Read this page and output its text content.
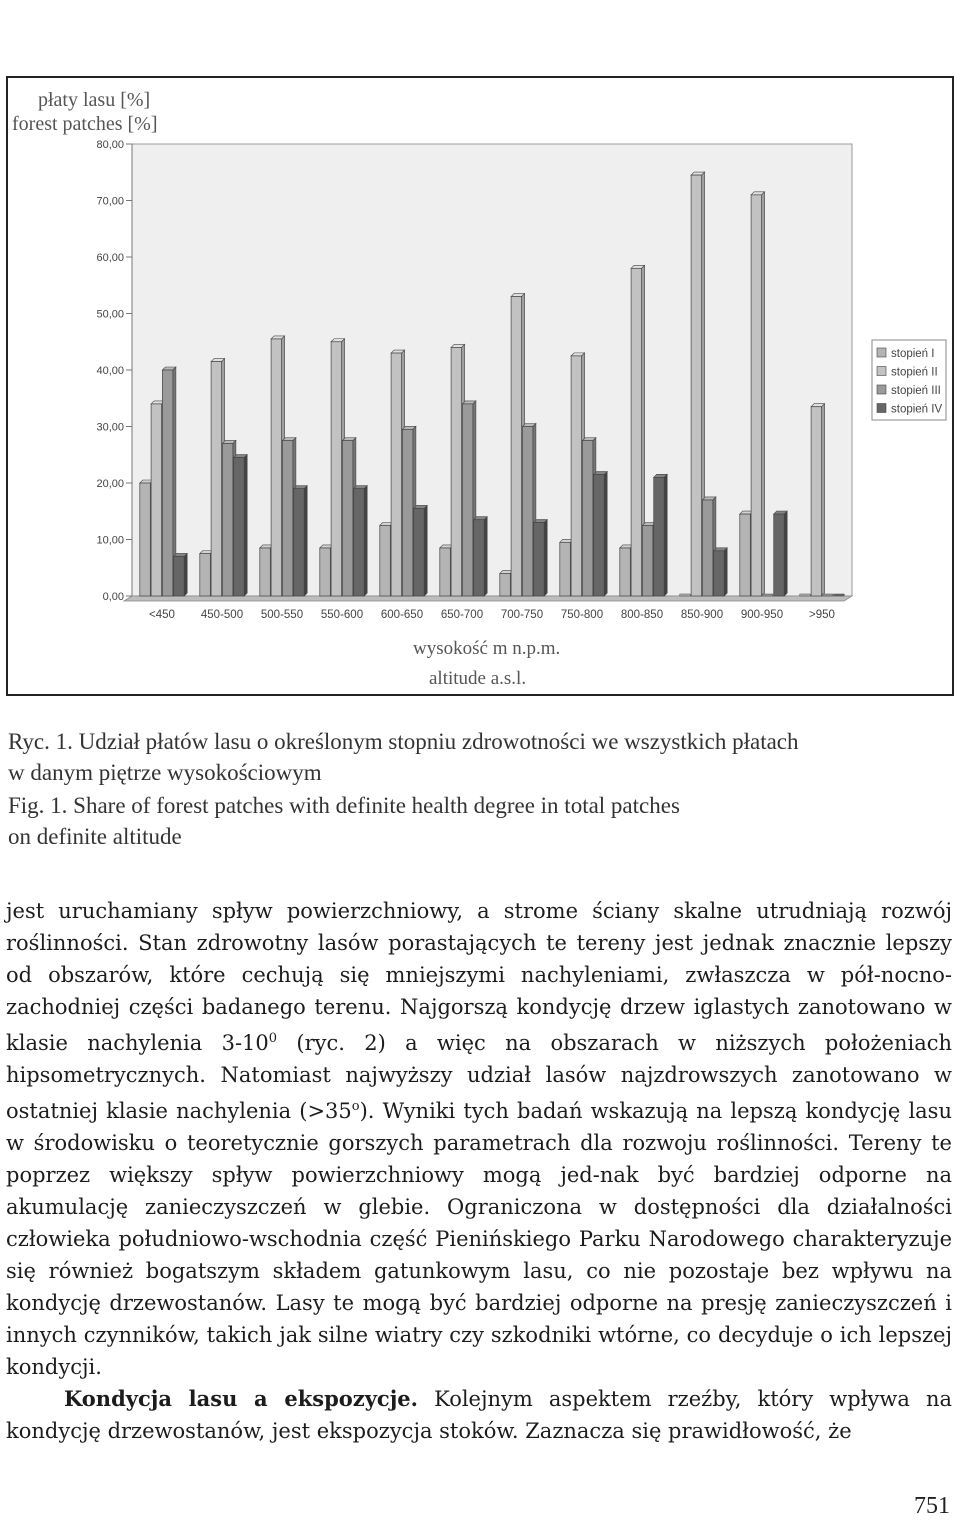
0,00
10,00
20,00
30,00
40,00
50,00
60,00
70,00
80,00
<450 450-500 500-550 550-600 600-650 650-700 700-750 750-800 800-850 850-900 900-950 >950
stopień I
stopień II
stopień III
stopień IV
płaty lasu [%]
forest patches [%]
wysokość m n.p.m.
altitude a.s.l.
Ryc. 1. Udział płatów lasu o określonym stopniu zdrowotności we wszystkich płatach
w danym piętrze wysokościowym
Fig. 1. Share of forest patches with definite health degree in total patches
on definite altitude

jest uruchamiany spływ powierzchniowy, a strome ściany skalne utrudniają rozwój roślinności. Stan zdrowotny lasów porastających te tereny jest jednak znacznie lepszy od obszarów, które cechują się mniejszymi nachyleniami, zwłaszcza w pół-nocno-zachodniej części badanego terenu. Najgorszą kondycję drzew iglastych zanotowano w klasie nachylenia $3-10^0$ (ryc. 2) a więc na obszarach w niższych położeniach hipsometrycznych. Natomiast najwyższy udział lasów najzdrowszych zanotowano w ostatniej klasie nachylenia $(>35^o)$. Wyniki tych badań wskazują na lepszą kondycję lasu w środowisku o teoretycznie gorszych parametrach dla rozwoju roślinności. Tereny te poprzez większy spływ powierzchniowy mogą jed-nak być bardziej odporne na akumulację zanieczyszczeń w glebie. Ograniczona w dostępności dla działalności człowieka południowo-wschodnia część Pienińskiego Parku Narodowego charakteryzuje się również bogatszym składem gatunkowym lasu, co nie pozostaje bez wpływu na kondycję drzewostanów. Lasy te mogą być bardziej odporne na presję zanieczyszczeń i innych czynników, takich jak silne wiatry czy szkodniki wtórne, co decyduje o ich lepszej kondycji.

Kondycja lasu a ekspozycje. Kolejnym aspektem rzeźby, który wpływa na kondycję drzewostanów, jest ekspozycja stoków. Zaznacza się prawidłowość, że

751
